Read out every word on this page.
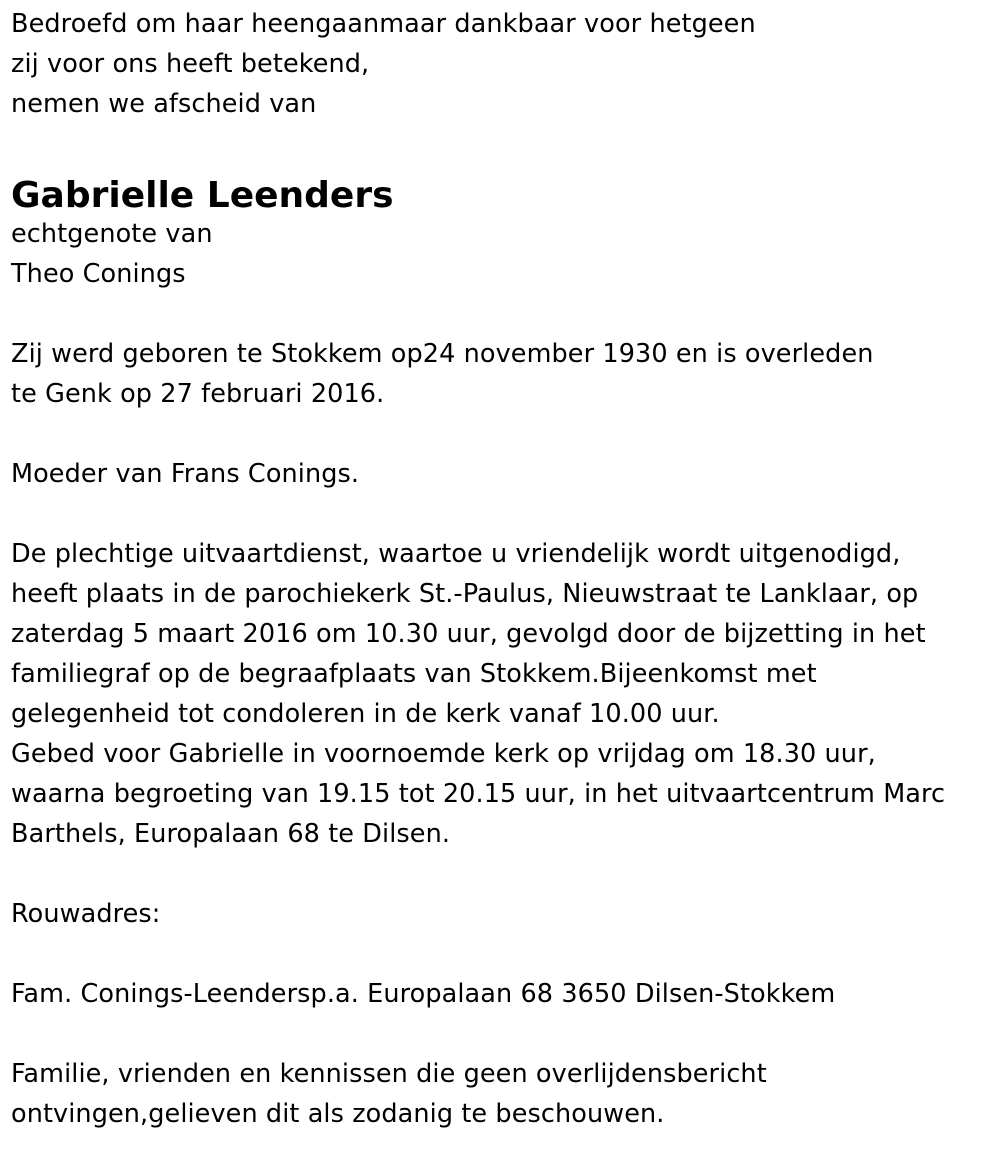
Bedroefd om haar heengaanmaar dankbaar voor hetgeen
zij voor ons heeft betekend,
nemen we afscheid van
Gabrielle Leenders
echtgenote van
Theo Conings
Zij werd geboren te Stokkem op24 november 1930 en is overleden
te Genk op 27 februari 2016.
Moeder van Frans Conings.
De plechtige uitvaartdienst, waartoe u vriendelijk wordt uitgenodigd,
heeft plaats in de parochiekerk St.-Paulus, Nieuwstraat te Lanklaar, op
zaterdag 5 maart 2016 om 10.30 uur, gevolgd door de bijzetting in het
familiegraf op de begraafplaats van Stokkem.Bijeenkomst met
gelegenheid tot condoleren in de kerk vanaf 10.00 uur.
Gebed voor Gabrielle in voornoemde kerk op vrijdag om 18.30 uur,
waarna begroeting van 19.15 tot 20.15 uur, in het uitvaartcentrum Marc
Barthels, Europalaan 68 te Dilsen.
Rouwadres:
Fam. Conings-Leendersp.a. Europalaan 68 3650 Dilsen-Stokkem
Familie, vrienden en kennissen die geen overlijdensbericht
ontvingen,gelieven dit als zodanig te beschouwen.
